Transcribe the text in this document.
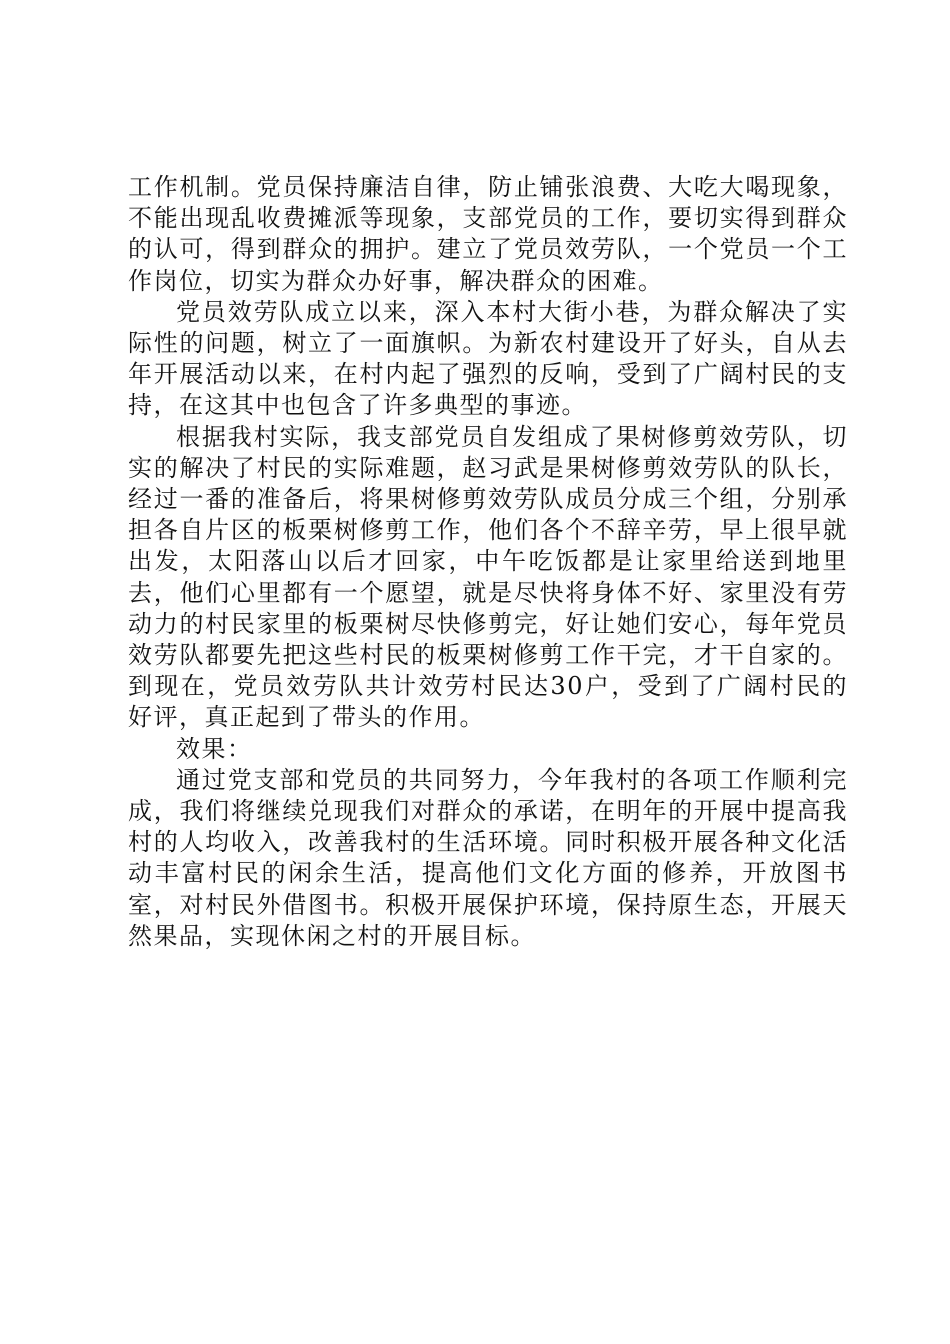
工作机制。党员保持廉洁自律，防止铺张浪费、大吃大喝现象，不能出现乱收费摊派等现象，支部党员的工作，要切实得到群众的认可，得到群众的拥护。建立了党员效劳队，一个党员一个工作岗位，切实为群众办好事，解决群众的困难。

党员效劳队成立以来，深入本村大街小巷，为群众解决了实际性的问题，树立了一面旗帜。为新农村建设开了好头，自从去年开展活动以来，在村内起了强烈的反响，受到了广阔村民的支持，在这其中也包含了许多典型的事迹。

根据我村实际，我支部党员自发组成了果树修剪效劳队，切实的解决了村民的实际难题，赵习武是果树修剪效劳队的队长，经过一番的准备后，将果树修剪效劳队成员分成三个组，分别承担各自片区的板栗树修剪工作，他们各个不辞辛劳，早上很早就出发，太阳落山以后才回家，中午吃饭都是让家里给送到地里去，他们心里都有一个愿望，就是尽快将身体不好、家里没有劳动力的村民家里的板栗树尽快修剪完，好让她们安心，每年党员效劳队都要先把这些村民的板栗树修剪工作干完，才干自家的。到现在，党员效劳队共计效劳村民达30户，受到了广阔村民的好评，真正起到了带头的作用。

效果：

通过党支部和党员的共同努力，今年我村的各项工作顺利完成，我们将继续兑现我们对群众的承诺，在明年的开展中提高我村的人均收入，改善我村的生活环境。同时积极开展各种文化活动丰富村民的闲余生活，提高他们文化方面的修养，开放图书室，对村民外借图书。积极开展保护环境，保持原生态，开展天然果品，实现休闲之村的开展目标。
